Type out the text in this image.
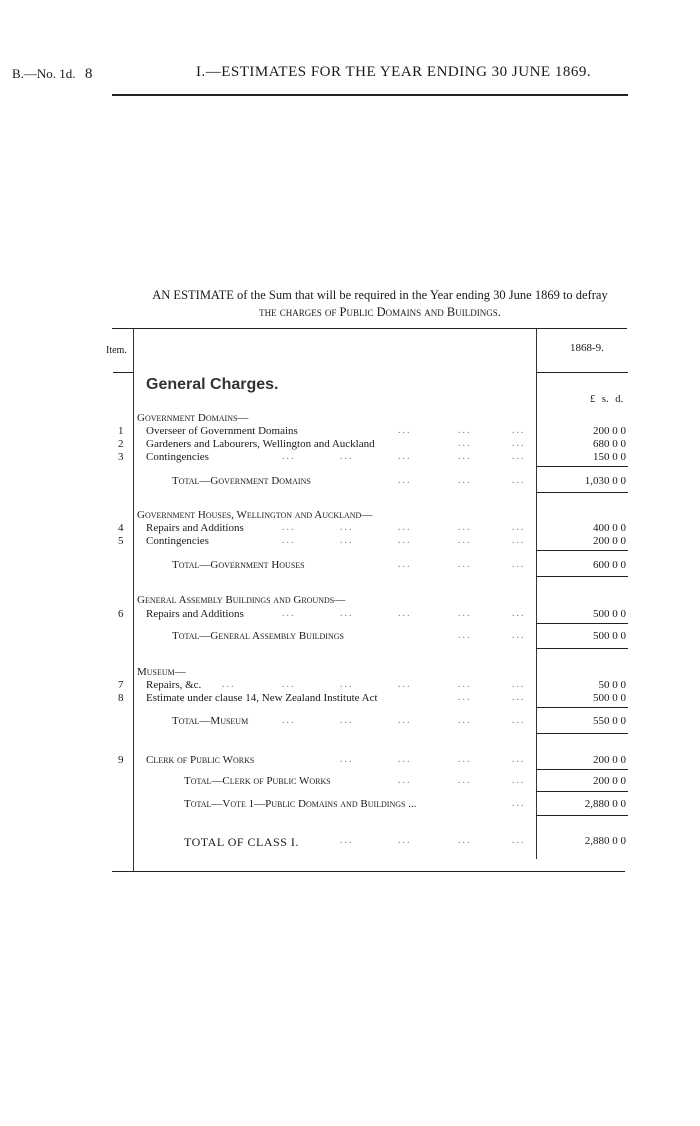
B.—No. 1d. 8	I.—ESTIMATES FOR THE YEAR ENDING 30 JUNE 1869.
AN ESTIMATE of the Sum that will be required in the Year ending 30 June 1869 to defray
the charges of Public Domains and Buildings.
Item.	1868-9.
General Charges.
£ s. d.
Government Domains—
1 Overseer of Government Domains	...	...	...	200 0 0
2 Gardeners and Labourers, Wellington and Auckland	...	...	680 0 0
3 Contingencies	...	...	...	...	...	150 0 0
Total—Government Domains	...	...	...	1,030 0 0
Government Houses, Wellington and Auckland—
4 Repairs and Additions	...	...	...	...	...	400 0 0
5 Contingencies	...	...	...	...	...	200 0 0
Total—Government Houses	...	...	...	600 0 0
General Assembly Buildings and Grounds—
6 Repairs and Additions	...	...	...	...	...	500 0 0
Total—General Assembly Buildings	...	...	500 0 0
Museum—
7 Repairs, &c. ...	...	...	...	...	...	50 0 0
8 Estimate under clause 14, New Zealand Institute Act	...	...	500 0 0
Total—Museum	...	...	...	...	...	550 0 0
9 Clerk of Public Works	...	...	...	...	200 0 0
Total—Clerk of Public Works	...	...	...	200 0 0
Total—Vote 1—Public Domains and Buildings ...	...	2,880 0 0
TOTAL OF CLASS I.	...	...	...	...	2,880 0 0
